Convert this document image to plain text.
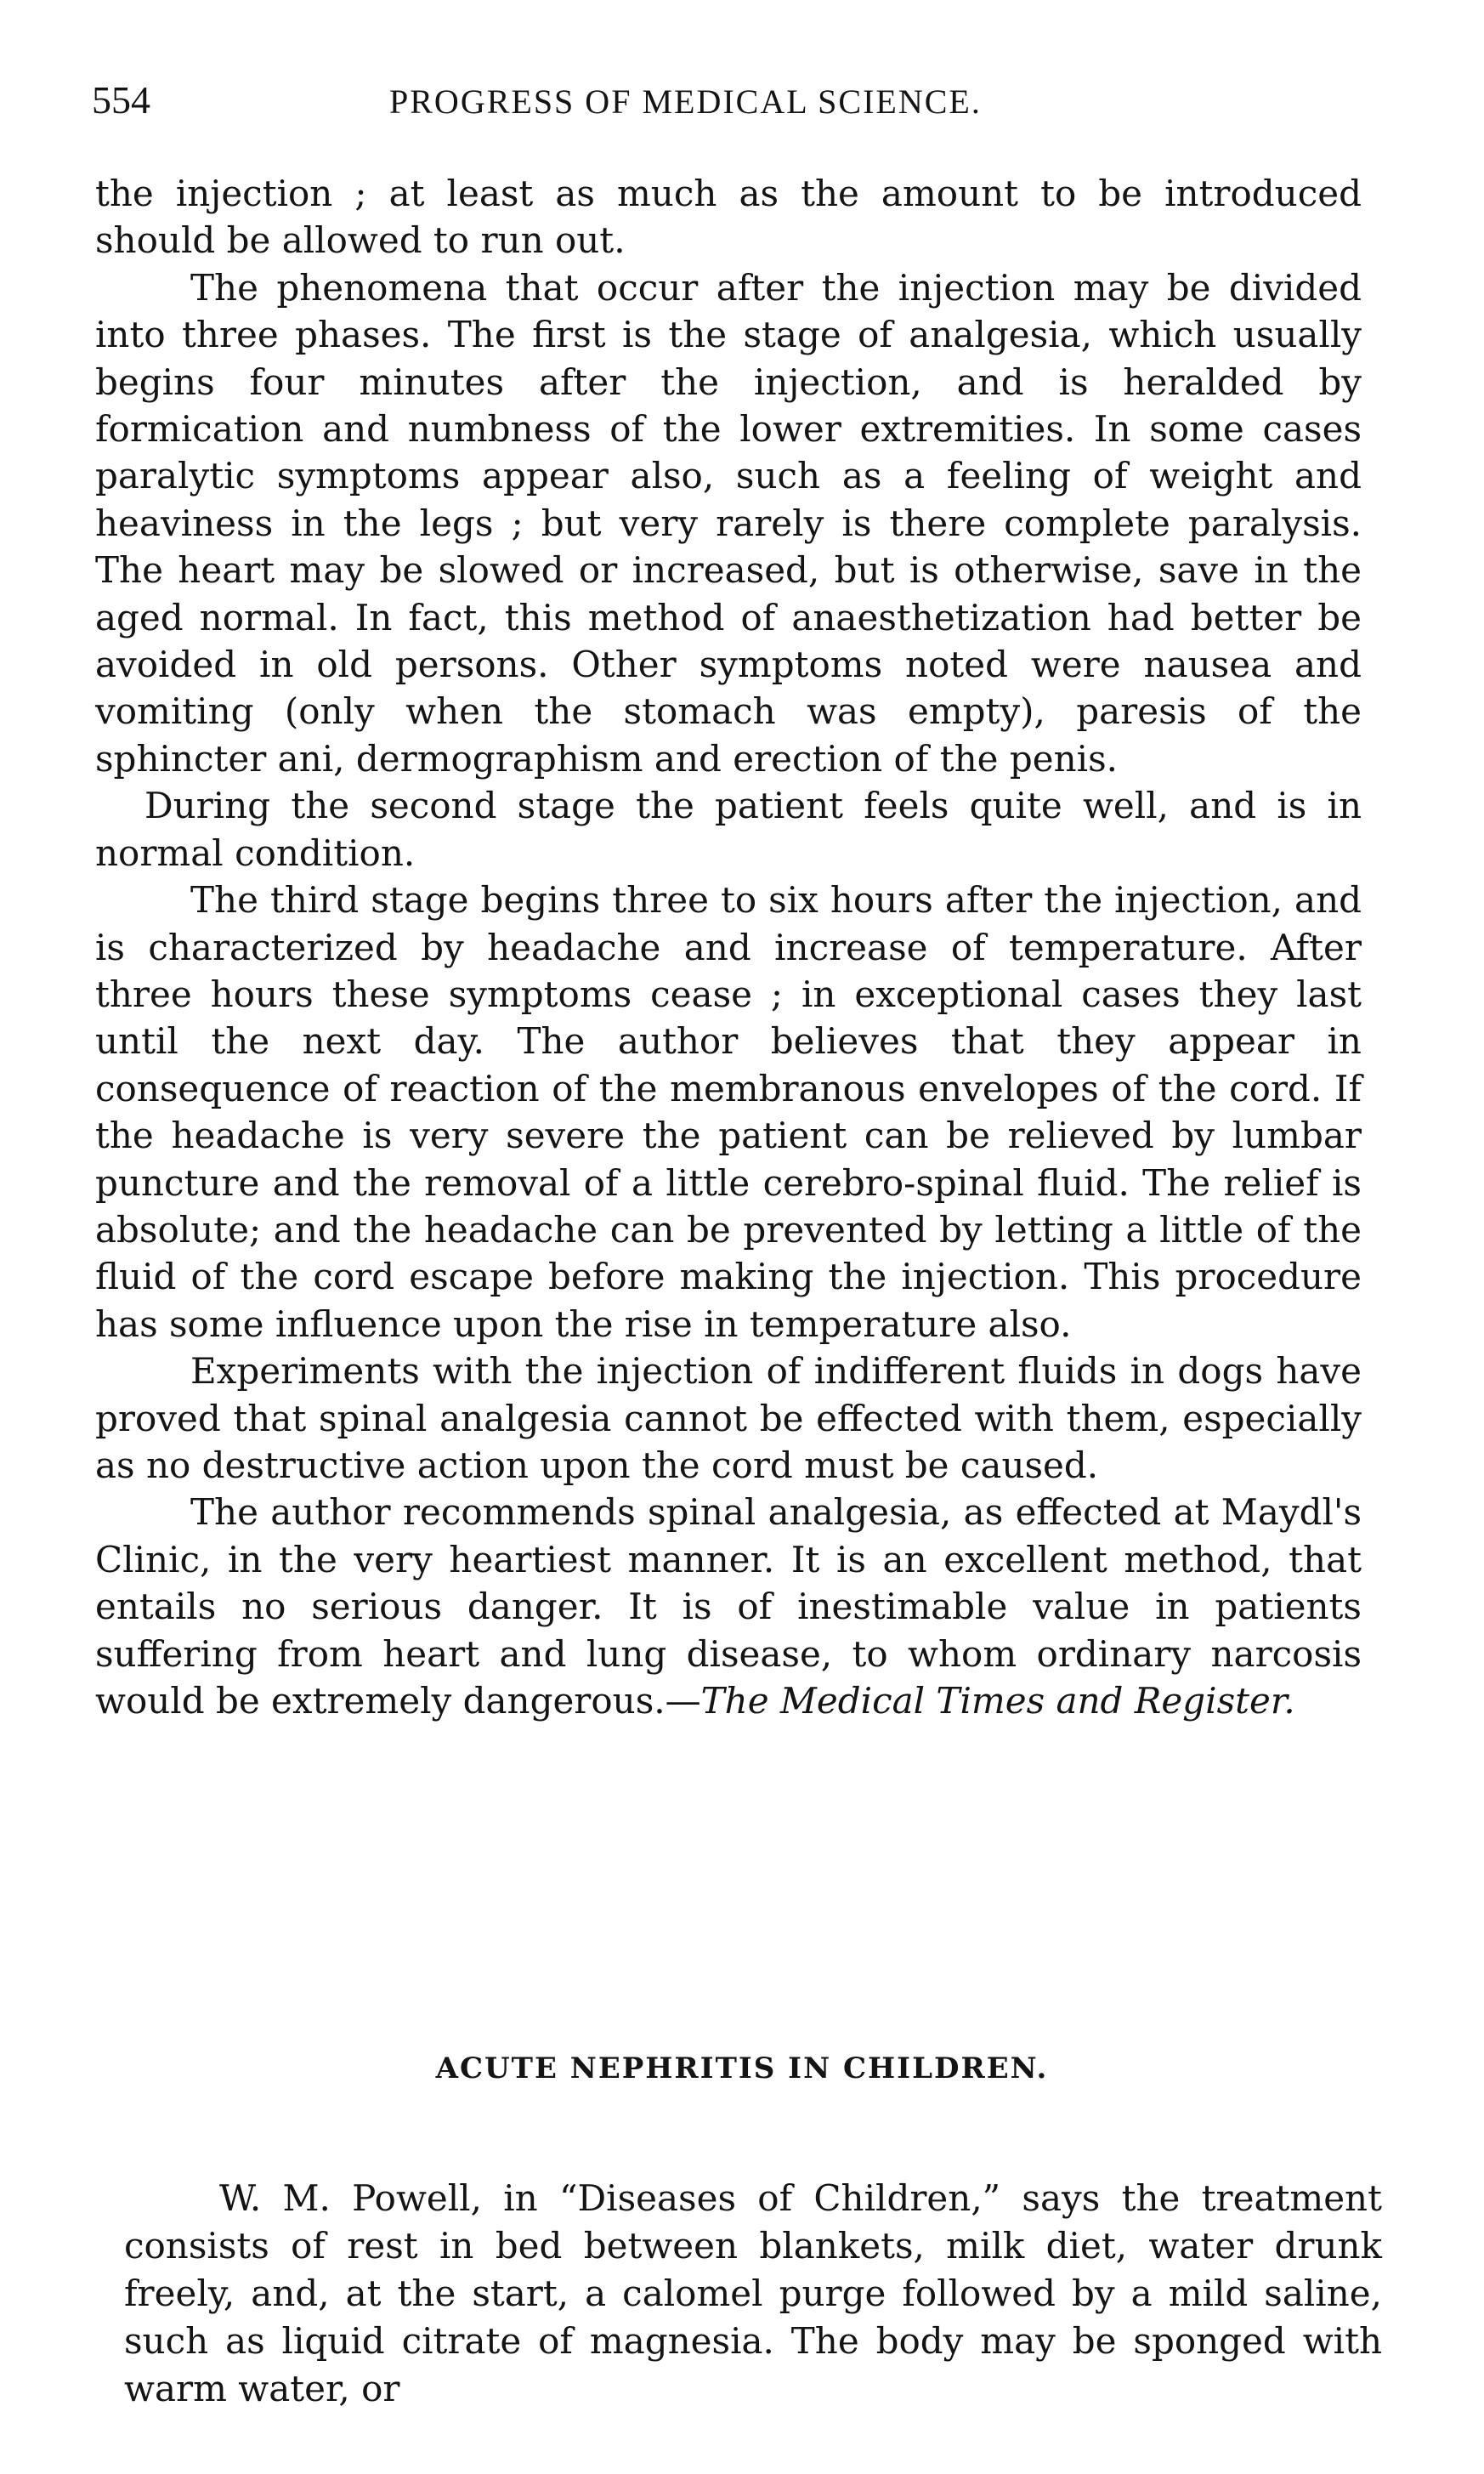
554	PROGRESS OF MEDICAL SCIENCE.

the injection ; at least as much as the amount to be introduced should be allowed to run out.

The phenomena that occur after the injection may be divided into three phases. The first is the stage of analgesia, which usually begins four minutes after the injection, and is heralded by formication and numbness of the lower extremities. In some cases paralytic symptoms appear also, such as a feeling of weight and heaviness in the legs ; but very rarely is there complete paralysis. The heart may be slowed or increased, but is otherwise, save in the aged normal. In fact, this method of anaesthetization had better be avoided in old persons. Other symptoms noted were nausea and vomiting (only when the stomach was empty), paresis of the sphincter ani, dermographism and erection of the penis.

During the second stage the patient feels quite well, and is in normal condition.

The third stage begins three to six hours after the injection, and is characterized by headache and increase of temperature. After three hours these symptoms cease ; in exceptional cases they last until the next day. The author believes that they appear in consequence of reaction of the membranous envelopes of the cord. If the headache is very severe the patient can be relieved by lumbar puncture and the removal of a little cerebro-spinal fluid. The relief is absolute; and the headache can be prevented by letting a little of the fluid of the cord escape before making the injection. This procedure has some influence upon the rise in temperature also.

Experiments with the injection of indifferent fluids in dogs have proved that spinal analgesia cannot be effected with them, especially as no destructive action upon the cord must be caused.

The author recommends spinal analgesia, as effected at Maydl's Clinic, in the very heartiest manner. It is an excellent method, that entails no serious danger. It is of inestimable value in patients suffering from heart and lung disease, to whom ordinary narcosis would be extremely dangerous.—The Medical Times and Register.

ACUTE NEPHRITIS IN CHILDREN.

W. M. Powell, in “Diseases of Children,” says the treatment consists of rest in bed between blankets, milk diet, water drunk freely, and, at the start, a calomel purge followed by a mild saline, such as liquid citrate of magnesia. The body may be sponged with warm water, or
